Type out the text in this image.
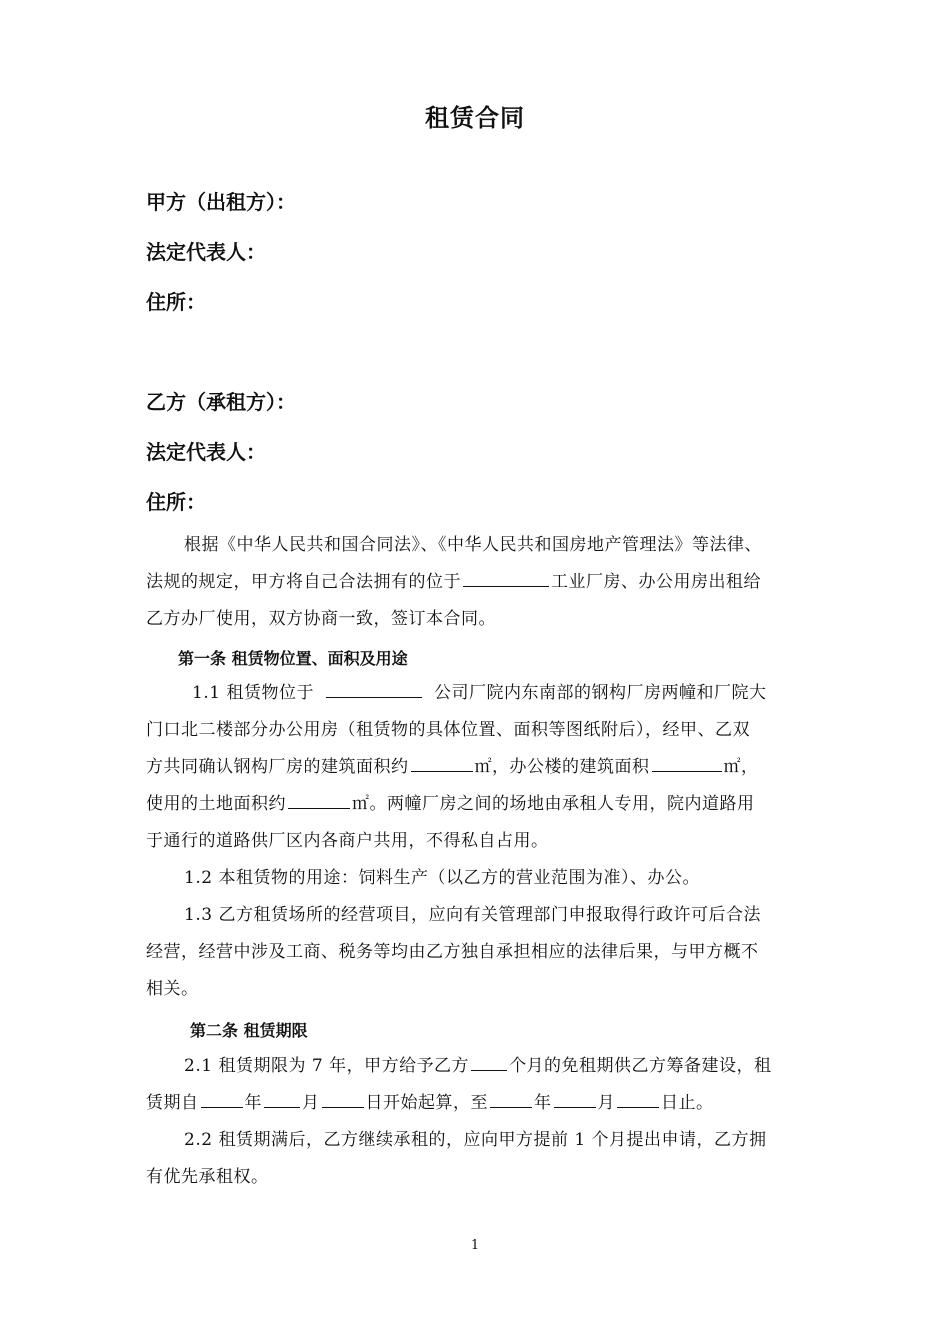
租赁合同
甲方（出租方）：
法定代表人：
住所：
乙方（承租方）：
法定代表人：
住所：
根据《中华人民共和国合同法》、《中华人民共和国房地产管理法》等法律、
法规的规定，甲方将自己合法拥有的位于	工业厂房、办公用房出租给
乙方办厂使用，双方协商一致，签订本合同。
第一条 租赁物位置、面积及用途
1.1 租赁物位于	公司厂院内东南部的钢构厂房两幢和厂院大
门口北二楼部分办公用房（租赁物的具体位置、面积等图纸附后），经甲、乙双
方共同确认钢构厂房的建筑面积约	㎡，办公楼的建筑面积	㎡，
使用的土地面积约	㎡。两幢厂房之间的场地由承租人专用，院内道路用
于通行的道路供厂区内各商户共用，不得私自占用。
1.2 本租赁物的用途：饲料生产（以乙方的营业范围为准）、办公。
1.3 乙方租赁场所的经营项目，应向有关管理部门申报取得行政许可后合法
经营，经营中涉及工商、税务等均由乙方独自承担相应的法律后果，与甲方概不
相关。
第二条 租赁期限
2.1 租赁期限为 7 年，甲方给予乙方 个月的免租期供乙方筹备建设，租
赁期自	年 月	日开始起算，至	年	月	日止。
2.2 租赁期满后，乙方继续承租的，应向甲方提前 1 个月提出申请，乙方拥
有优先承租权。
1
